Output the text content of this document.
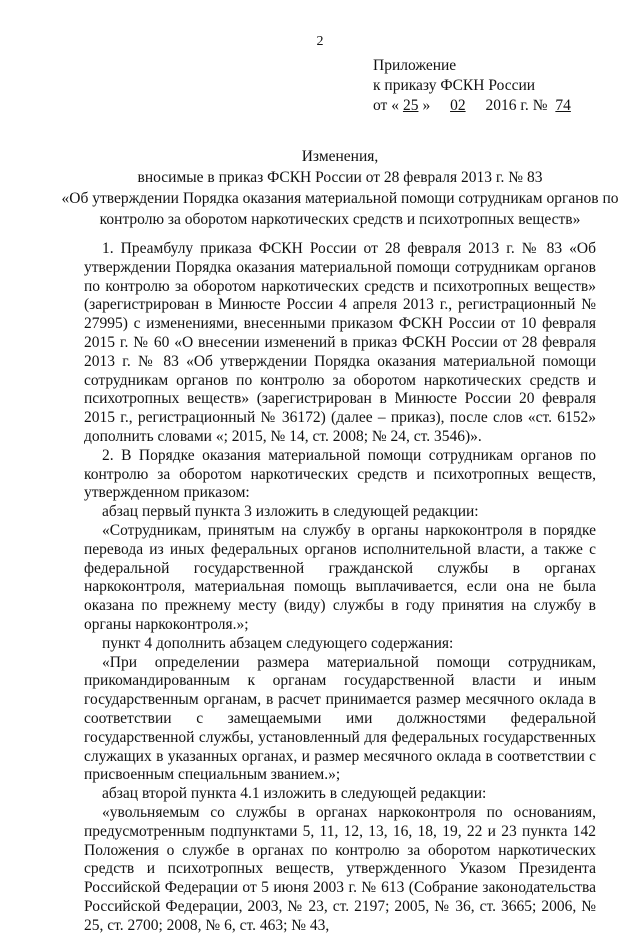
2
Приложение
к приказу ФСКН России
от « 25 » 02 2016 г. № 74
Изменения,
вносимые в приказ ФСКН России от 28 февраля 2013 г. № 83
«Об утверждении Порядка оказания материальной помощи сотрудникам органов по контролю за оборотом наркотических средств и психотропных веществ»

1. Преамбулу приказа ФСКН России от 28 февраля 2013 г. № 83 «Об утверждении Порядка оказания материальной помощи сотрудникам органов по контролю за оборотом наркотических средств и психотропных веществ» (зарегистрирован в Минюсте России 4 апреля 2013 г., регистрационный № 27995) с изменениями, внесенными приказом ФСКН России от 10 февраля 2015 г. № 60 «О внесении изменений в приказ ФСКН России от 28 февраля 2013 г. № 83 «Об утверждении Порядка оказания материальной помощи сотрудникам органов по контролю за оборотом наркотических средств и психотропных веществ» (зарегистрирован в Минюсте России 20 февраля 2015 г., регистрационный № 36172) (далее – приказ), после слов «ст. 6152» дополнить словами «; 2015, № 14, ст. 2008; № 24, ст. 3546)».

2. В Порядке оказания материальной помощи сотрудникам органов по контролю за оборотом наркотических средств и психотропных веществ, утвержденном приказом:

абзац первый пункта 3 изложить в следующей редакции:

«Сотрудникам, принятым на службу в органы наркоконтроля в порядке перевода из иных федеральных органов исполнительной власти, а также с федеральной государственной гражданской службы в органах наркоконтроля, материальная помощь выплачивается, если она не была оказана по прежнему месту (виду) службы в году принятия на службу в органы наркоконтроля.»;

пункт 4 дополнить абзацем следующего содержания:

«При определении размера материальной помощи сотрудникам, прикомандированным к органам государственной власти и иным государственным органам, в расчет принимается размер месячного оклада в соответствии с замещаемыми ими должностями федеральной государственной службы, установленный для федеральных государственных служащих в указанных органах, и размер месячного оклада в соответствии с присвоенным специальным званием.»;

абзац второй пункта 4.1 изложить в следующей редакции:

«увольняемым со службы в органах наркоконтроля по основаниям, предусмотренным подпунктами 5, 11, 12, 13, 16, 18, 19, 22 и 23 пункта 142 Положения о службе в органах по контролю за оборотом наркотических средств и психотропных веществ, утвержденного Указом Президента Российской Федерации от 5 июня 2003 г. № 613 (Собрание законодательства Российской Федерации, 2003, № 23, ст. 2197; 2005, № 36, ст. 3665; 2006, № 25, ст. 2700; 2008, № 6, ст. 463; № 43,
